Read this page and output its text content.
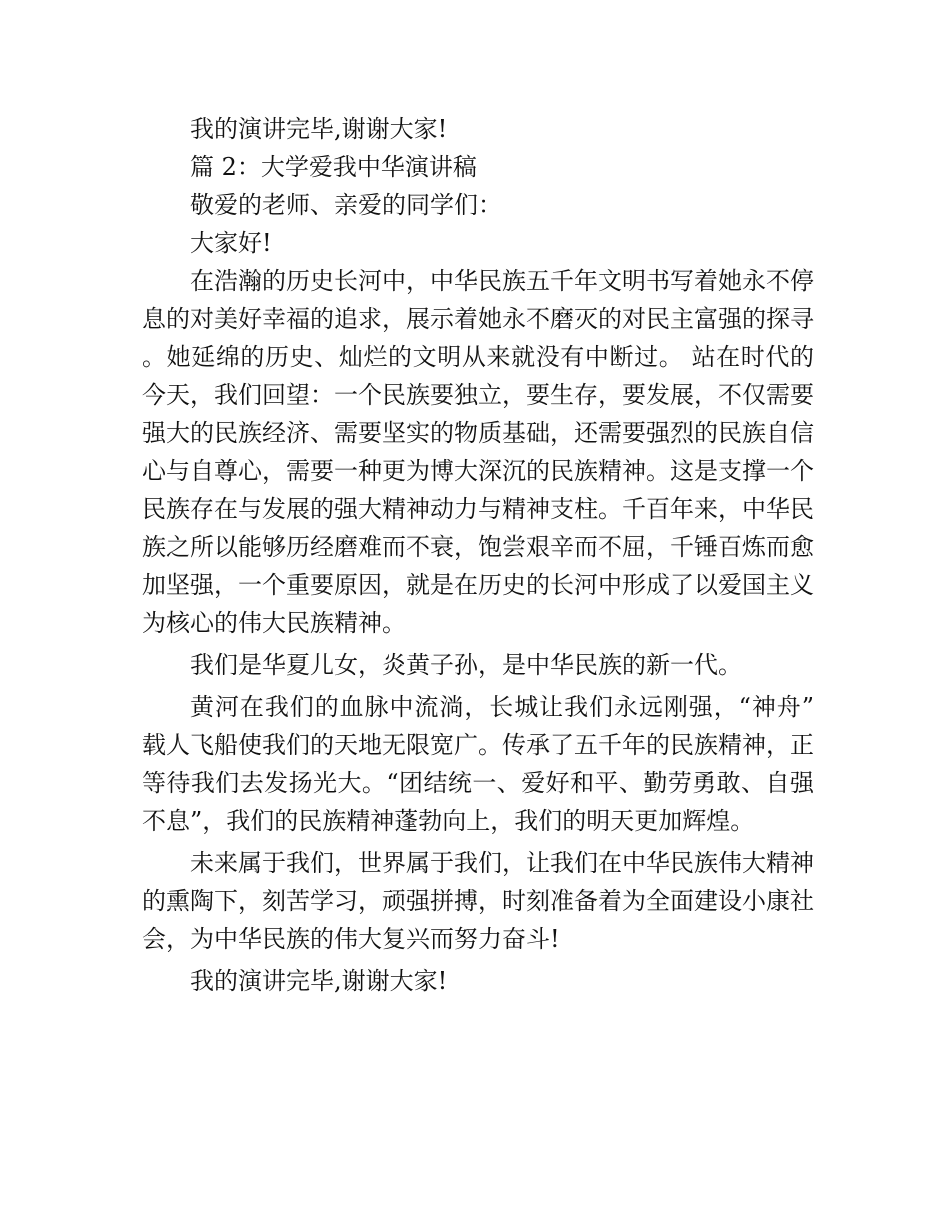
我的演讲完毕,谢谢大家!

篇 2：大学爱我中华演讲稿

敬爱的老师、亲爱的同学们：

大家好!

在浩瀚的历史长河中，中华民族五千年文明书写着她永不停息的对美好幸福的追求，展示着她永不磨灭的对民主富强的探寻。她延绵的历史、灿烂的文明从来就没有中断过。 站在时代的今天，我们回望：一个民族要独立，要生存，要发展，不仅需要强大的民族经济、需要坚实的物质基础，还需要强烈的民族自信心与自尊心，需要一种更为博大深沉的民族精神。这是支撑一个民族存在与发展的强大精神动力与精神支柱。千百年来，中华民族之所以能够历经磨难而不衰，饱尝艰辛而不屈，千锤百炼而愈加坚强，一个重要原因，就是在历史的长河中形成了以爱国主义为核心的伟大民族精神。

我们是华夏儿女，炎黄子孙，是中华民族的新一代。

黄河在我们的血脉中流淌，长城让我们永远刚强，“神舟”载人飞船使我们的天地无限宽广。传承了五千年的民族精神，正等待我们去发扬光大。“团结统一、爱好和平、勤劳勇敢、自强不息”，我们的民族精神蓬勃向上，我们的明天更加辉煌。

未来属于我们，世界属于我们，让我们在中华民族伟大精神的熏陶下，刻苦学习，顽强拼搏，时刻准备着为全面建设小康社会，为中华民族的伟大复兴而努力奋斗!

我的演讲完毕,谢谢大家!
